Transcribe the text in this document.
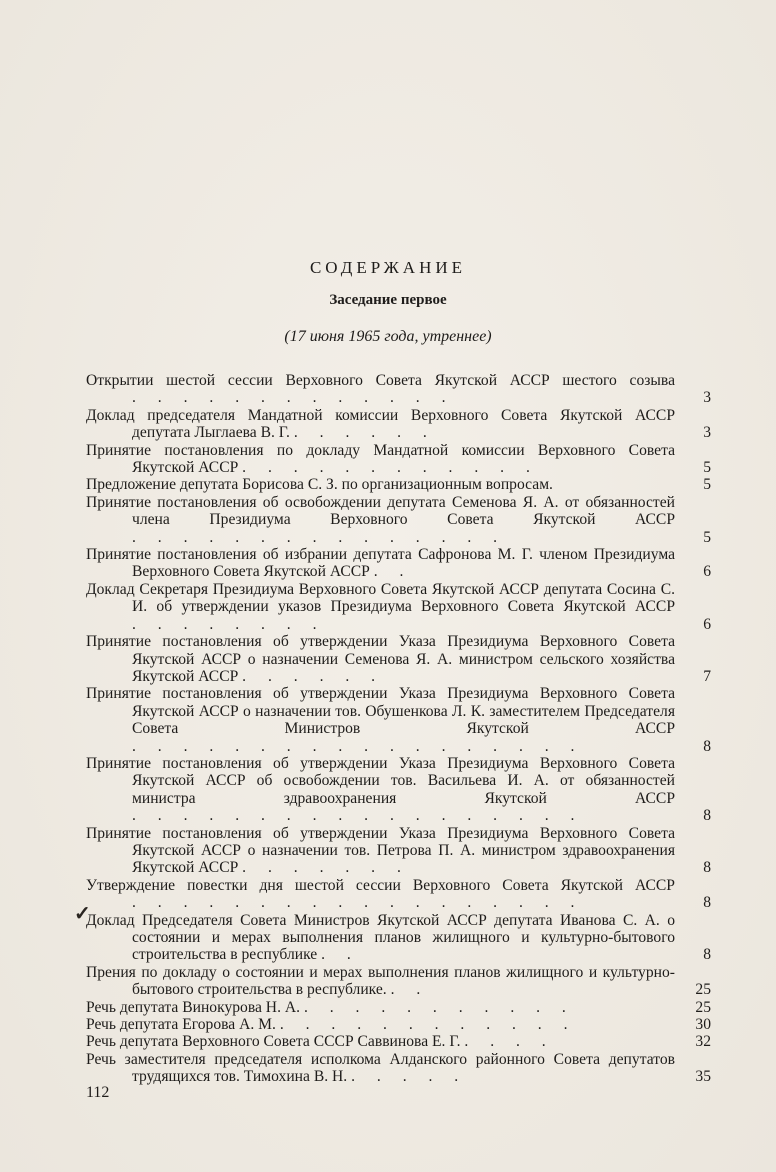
СОДЕРЖАНИЕ
Заседание первое
(17 июня 1965 года, утреннее)
Открытии шестой сессии Верховного Совета Якутской АССР шестого созыва . . . . . . . . . . . . .	3
Доклад председателя Мандатной комиссии Верховного Совета Якутской АССР депутата Лыглаева В. Г. . . . . . .	3
Принятие постановления по докладу Мандатной комиссии Верховного Совета Якутской АССР . . . . . . . . . . . .	5
Предложение депутата Борисова С. З. по организационным вопросам.	5
Принятие постановления об освобождении депутата Семенова Я. А. от обязанностей члена Президиума Верховного Совета Якутской АССР . . . . . . . . . . . . . . .	5
Принятие постановления об избрании депутата Сафронова М. Г. членом Президиума Верховного Совета Якутской АССР . .	6
Доклад Секретаря Президиума Верховного Совета Якутской АССР депутата Сосина С. И. об утверждении указов Президиума Верховного Совета Якутской АССР . . . . . . . .	6
Принятие постановления об утверждении Указа Президиума Верховного Совета Якутской АССР о назначении Семенова Я. А. министром сельского хозяйства Якутской АССР . . . . . .	7
Принятие постановления об утверждении Указа Президиума Верховного Совета Якутской АССР о назначении тов. Обушенкова Л. К. заместителем Председателя Совета Министров Якутской АССР . . . . . . . . . . . . . . . . . .	8
Принятие постановления об утверждении Указа Президиума Верховного Совета Якутской АССР об освобождении тов. Васильева И. А. от обязанностей министра здравоохранения Якутской АССР . . . . . . . . . . . . . . . . . .	8
Принятие постановления об утверждении Указа Президиума Верховного Совета Якутской АССР о назначении тов. Петрова П. А. министром здравоохранения Якутской АССР . . . . . . .	8
Утверждение повестки дня шестой сессии Верховного Совета Якутской АССР . . . . . . . . . . . . . . . . . .	8
Доклад Председателя Совета Министров Якутской АССР депутата Иванова С. А. о состоянии и мерах выполнения планов жилищного и культурно-бытового строительства в республике . .	8
Прения по докладу о состоянии и мерах выполнения планов жилищного и культурно-бытового строительства в республике. . .	25
Речь депутата Винокурова Н. А. . . . . . . . . . . .	25
Речь депутата Егорова А. М. . . . . . . . . . . . .	30
Речь депутата Верховного Совета СССР Саввинова Е. Г. . . . .	32
Речь заместителя председателя исполкома Алданского районного Совета депутатов трудящихся тов. Тимохина В. Н. . . . . .	35
✓
112
